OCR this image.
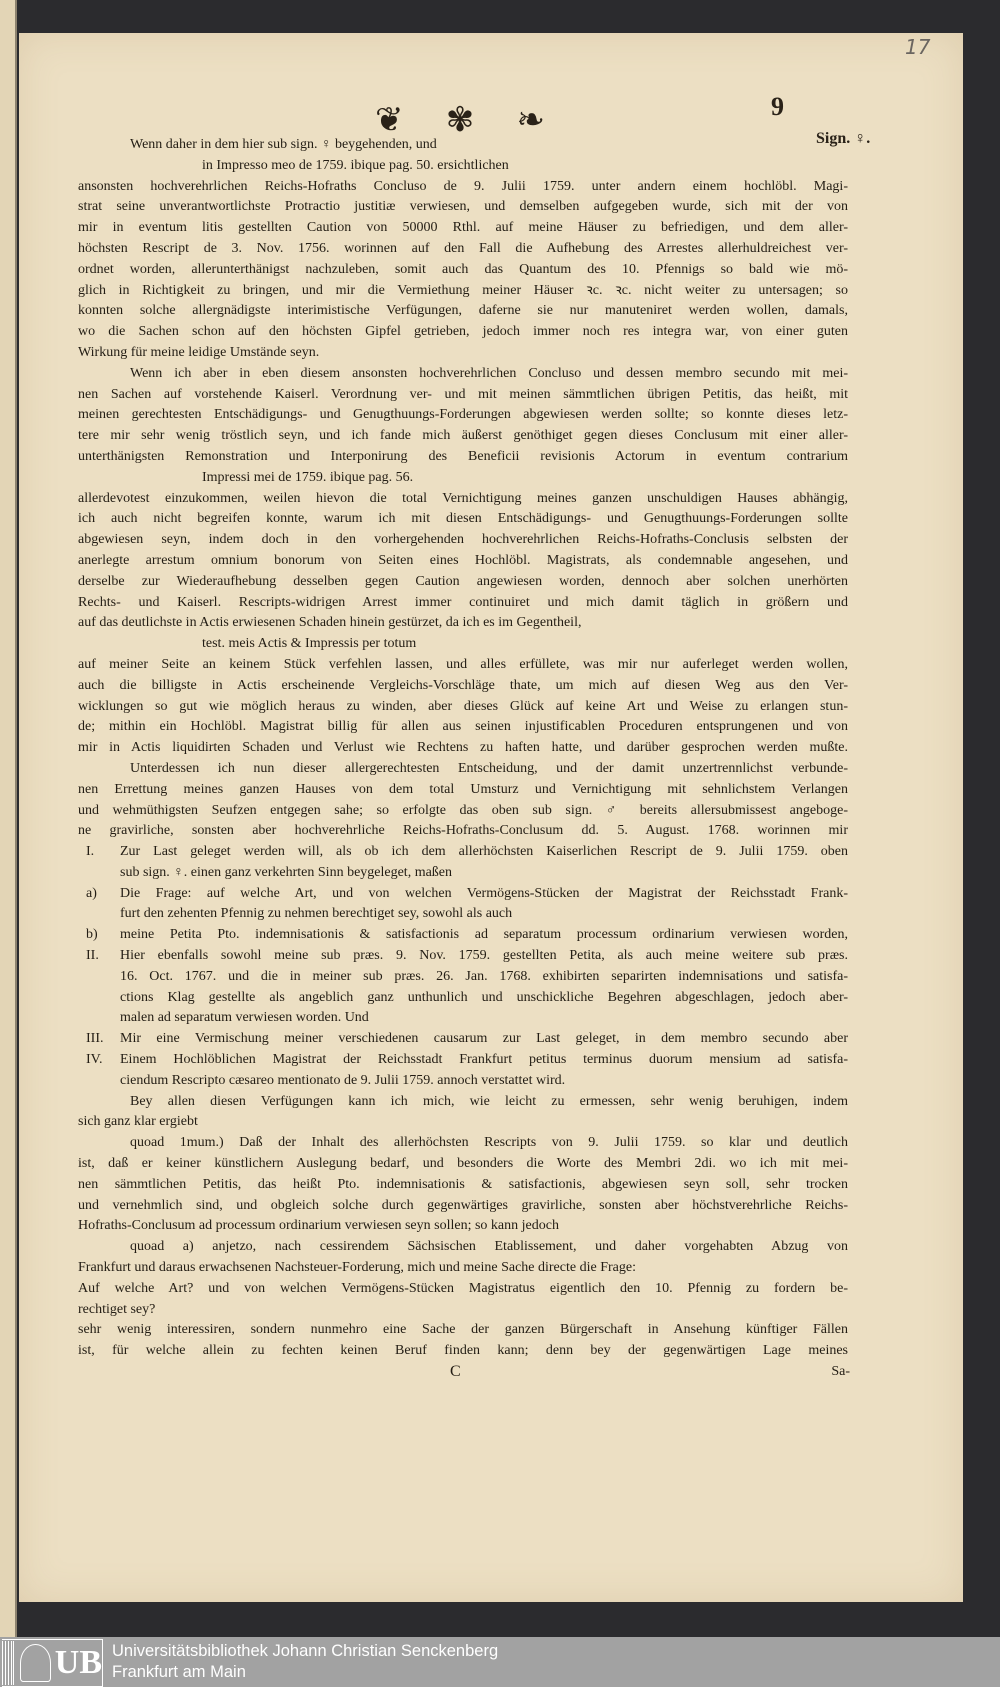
17
❦ ✾ ❧	9
Sign. ♀.
Wenn daher in dem hier sub sign. ♀ beygehenden, und
in Impresso meo de 1759. ibique pag. 50. ersichtlichen
ansonsten hochverehrlichen Reichs-Hofraths Concluso de 9. Julii 1759. unter andern einem hochlöbl. Magi-
strat seine unverantwortlichste Protractio justitiæ verwiesen, und demselben aufgegeben wurde, sich mit der von
mir in eventum litis gestellten Caution von 50000 Rthl. auf meine Häuser zu befriedigen, und dem aller-
höchsten Rescript de 3. Nov. 1756. worinnen auf den Fall die Aufhebung des Arrestes allerhuldreichest ver-
ordnet worden, allerunterthänigst nachzuleben, somit auch das Quantum des 10. Pfennigs so bald wie mö-
glich in Richtigkeit zu bringen, und mir die Vermiethung meiner Häuser ꝛc. ꝛc. nicht weiter zu untersagen; so
konnten solche allergnädigste interimistische Verfügungen, daferne sie nur manuteniret werden wollen, damals,
wo die Sachen schon auf den höchsten Gipfel getrieben, jedoch immer noch res integra war, von einer guten
Wirkung für meine leidige Umstände seyn.
Wenn ich aber in eben diesem ansonsten hochverehrlichen Concluso und dessen membro secundo mit mei-
nen Sachen auf vorstehende Kaiserl. Verordnung ver- und mit meinen sämmtlichen übrigen Petitis, das heißt, mit
meinen gerechtesten Entschädigungs- und Genugthuungs-Forderungen abgewiesen werden sollte; so konnte dieses letz-
tere mir sehr wenig tröstlich seyn, und ich fande mich äußerst genöthiget gegen dieses Conclusum mit einer aller-
unterthänigsten Remonstration und Interponirung des Beneficii revisionis Actorum in eventum contrarium
Impressi mei de 1759. ibique pag. 56.
allerdevotest einzukommen, weilen hievon die total Vernichtigung meines ganzen unschuldigen Hauses abhängig,
ich auch nicht begreifen konnte, warum ich mit diesen Entschädigungs- und Genugthuungs-Forderungen sollte
abgewiesen seyn, indem doch in den vorhergehenden hochverehrlichen Reichs-Hofraths-Conclusis selbsten der
anerlegte arrestum omnium bonorum von Seiten eines Hochlöbl. Magistrats, als condemnable angesehen, und
derselbe zur Wiederaufhebung desselben gegen Caution angewiesen worden, dennoch aber solchen unerhörten
Rechts- und Kaiserl. Rescripts-widrigen Arrest immer continuiret und mich damit täglich in größern und
auf das deutlichste in Actis erwiesenen Schaden hinein gestürzet, da ich es im Gegentheil,
test. meis Actis & Impressis per totum
auf meiner Seite an keinem Stück verfehlen lassen, und alles erfüllete, was mir nur auferleget werden wollen,
auch die billigste in Actis erscheinende Vergleichs-Vorschläge thate, um mich auf diesen Weg aus den Ver-
wicklungen so gut wie möglich heraus zu winden, aber dieses Glück auf keine Art und Weise zu erlangen stun-
de; mithin ein Hochlöbl. Magistrat billig für allen aus seinen injustificablen Proceduren entsprungenen und von
mir in Actis liquidirten Schaden und Verlust wie Rechtens zu haften hatte, und darüber gesprochen werden mußte.
Unterdessen ich nun dieser allergerechtesten Entscheidung, und der damit unzertrennlichst verbunde-
nen Errettung meines ganzen Hauses von dem total Umsturz und Vernichtigung mit sehnlichstem Verlangen
und wehmüthigsten Seufzen entgegen sahe; so erfolgte das oben sub sign. ♂ bereits allersubmissest angeboge-
ne gravirliche, sonsten aber hochverehrliche Reichs-Hofraths-Conclusum dd. 5. August. 1768. worinnen mir
I.	Zur Last geleget werden will, als ob ich dem allerhöchsten Kaiserlichen Rescript de 9. Julii 1759. oben
sub sign. ♀. einen ganz verkehrten Sinn beygeleget, maßen
a)	Die Frage: auf welche Art, und von welchen Vermögens-Stücken der Magistrat der Reichsstadt Frank-
furt den zehenten Pfennig zu nehmen berechtiget sey, sowohl als auch
b)	meine Petita Pto. indemnisationis & satisfactionis ad separatum processum ordinarium verwiesen worden,
II.	Hier ebenfalls sowohl meine sub præs. 9. Nov. 1759. gestellten Petita, als auch meine weitere sub præs.
16. Oct. 1767. und die in meiner sub præs. 26. Jan. 1768. exhibirten separirten indemnisations und satisfa-
ctions Klag gestellte als angeblich ganz unthunlich und unschickliche Begehren abgeschlagen, jedoch aber-
malen ad separatum verwiesen worden. Und
III.	Mir eine Vermischung meiner verschiedenen causarum zur Last geleget, in dem membro secundo aber
IV.	Einem Hochlöblichen Magistrat der Reichsstadt Frankfurt petitus terminus duorum mensium ad satisfa-
ciendum Rescripto cæsareo mentionato de 9. Julii 1759. annoch verstattet wird.
Bey allen diesen Verfügungen kann ich mich, wie leicht zu ermessen, sehr wenig beruhigen, indem
sich ganz klar ergiebt
quoad 1mum.) Daß der Inhalt des allerhöchsten Rescripts von 9. Julii 1759. so klar und deutlich
ist, daß er keiner künstlichern Auslegung bedarf, und besonders die Worte des Membri 2di. wo ich mit mei-
nen sämmtlichen Petitis, das heißt Pto. indemnisationis & satisfactionis, abgewiesen seyn soll, sehr trocken
und vernehmlich sind, und obgleich solche durch gegenwärtiges gravirliche, sonsten aber höchstverehrliche Reichs-
Hofraths-Conclusum ad processum ordinarium verwiesen seyn sollen; so kann jedoch
quoad a) anjetzo, nach cessirendem Sächsischen Etablissement, und daher vorgehabten Abzug von
Frankfurt und daraus erwachsenen Nachsteuer-Forderung, mich und meine Sache directe die Frage:
Auf welche Art? und von welchen Vermögens-Stücken Magistratus eigentlich den 10. Pfennig zu fordern be-
rechtiget sey?
sehr wenig interessiren, sondern nunmehro eine Sache der ganzen Bürgerschaft in Ansehung künftiger Fällen
ist, für welche allein zu fechten keinen Beruf finden kann; denn bey der gegenwärtigen Lage meines
C	Sa-
UB Universitätsbibliothek Johann Christian Senckenberg
Frankfurt am Main
